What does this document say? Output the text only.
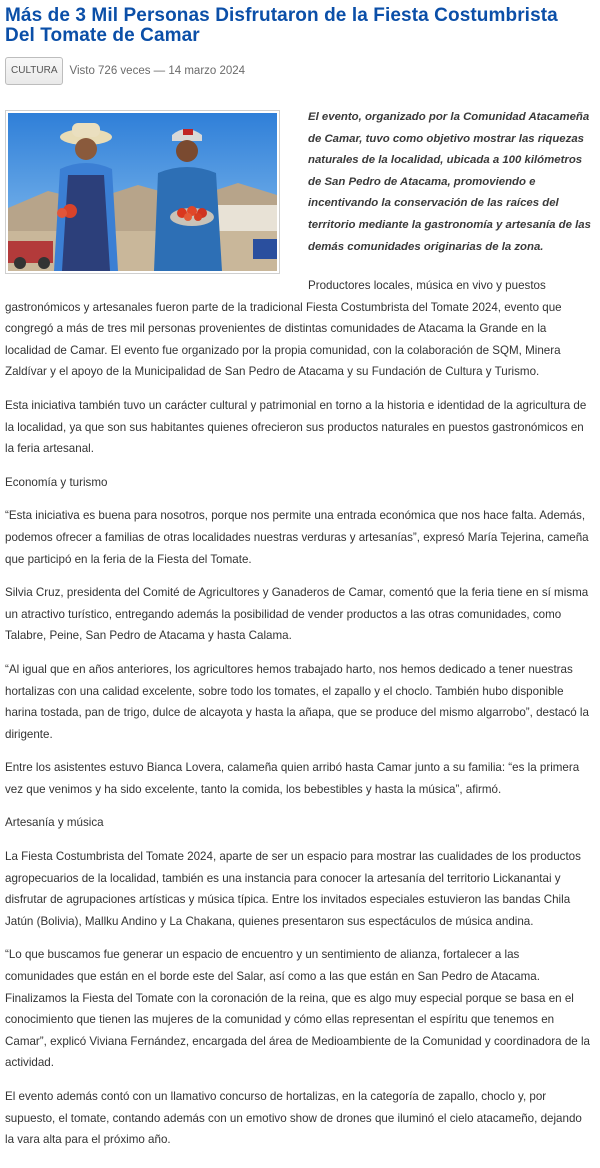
Más de 3 Mil Personas Disfrutaron de la Fiesta Costumbrista Del Tomate de Camar
CULTURA	Visto 726 veces — 14 marzo 2024

El evento, organizado por la Comunidad Atacameña de Camar, tuvo como objetivo mostrar las riquezas naturales de la localidad, ubicada a 100 kilómetros de San Pedro de Atacama, promoviendo e incentivando la conservación de las raíces del territorio mediante la gastronomía y artesanía de las demás comunidades originarias de la zona.

Productores locales, música en vivo y puestos gastronómicos y artesanales fueron parte de la tradicional Fiesta Costumbrista del Tomate 2024, evento que congregó a más de tres mil personas provenientes de distintas comunidades de Atacama la Grande en la localidad de Camar. El evento fue organizado por la propia comunidad, con la colaboración de SQM, Minera Zaldívar y el apoyo de la Municipalidad de San Pedro de Atacama y su Fundación de Cultura y Turismo.

Esta iniciativa también tuvo un carácter cultural y patrimonial en torno a la historia e identidad de la agricultura de la localidad, ya que son sus habitantes quienes ofrecieron sus productos naturales en puestos gastronómicos en la feria artesanal.

Economía y turismo

“Esta iniciativa es buena para nosotros, porque nos permite una entrada económica que nos hace falta. Además, podemos ofrecer a familias de otras localidades nuestras verduras y artesanías”, expresó María Tejerina, cameña que participó en la feria de la Fiesta del Tomate.

Silvia Cruz, presidenta del Comité de Agricultores y Ganaderos de Camar, comentó que la feria tiene en sí misma un atractivo turístico, entregando además la posibilidad de vender productos a las otras comunidades, como Talabre, Peine, San Pedro de Atacama y hasta Calama.

“Al igual que en años anteriores, los agricultores hemos trabajado harto, nos hemos dedicado a tener nuestras hortalizas con una calidad excelente, sobre todo los tomates, el zapallo y el choclo. También hubo disponible harina tostada, pan de trigo, dulce de alcayota y hasta la añapa, que se produce del mismo algarrobo”, destacó la dirigente.

Entre los asistentes estuvo Bianca Lovera, calameña quien arribó hasta Camar junto a su familia: “es la primera vez que venimos y ha sido excelente, tanto la comida, los bebestibles y hasta la música”, afirmó.

Artesanía y música

La Fiesta Costumbrista del Tomate 2024, aparte de ser un espacio para mostrar las cualidades de los productos agropecuarios de la localidad, también es una instancia para conocer la artesanía del territorio Lickanantai y disfrutar de agrupaciones artísticas y música típica. Entre los invitados especiales estuvieron las bandas Chila Jatún (Bolivia), Mallku Andino y La Chakana, quienes presentaron sus espectáculos de música andina.

“Lo que buscamos fue generar un espacio de encuentro y un sentimiento de alianza, fortalecer a las comunidades que están en el borde este del Salar, así como a las que están en San Pedro de Atacama. Finalizamos la Fiesta del Tomate con la coronación de la reina, que es algo muy especial porque se basa en el conocimiento que tienen las mujeres de la comunidad y cómo ellas representan el espíritu que tenemos en Camar”, explicó Viviana Fernández, encargada del área de Medioambiente de la Comunidad y coordinadora de la actividad.

El evento además contó con un llamativo concurso de hortalizas, en la categoría de zapallo, choclo y, por supuesto, el tomate, contando además con un emotivo show de drones que iluminó el cielo atacameño, dejando la vara alta para el próximo año.
